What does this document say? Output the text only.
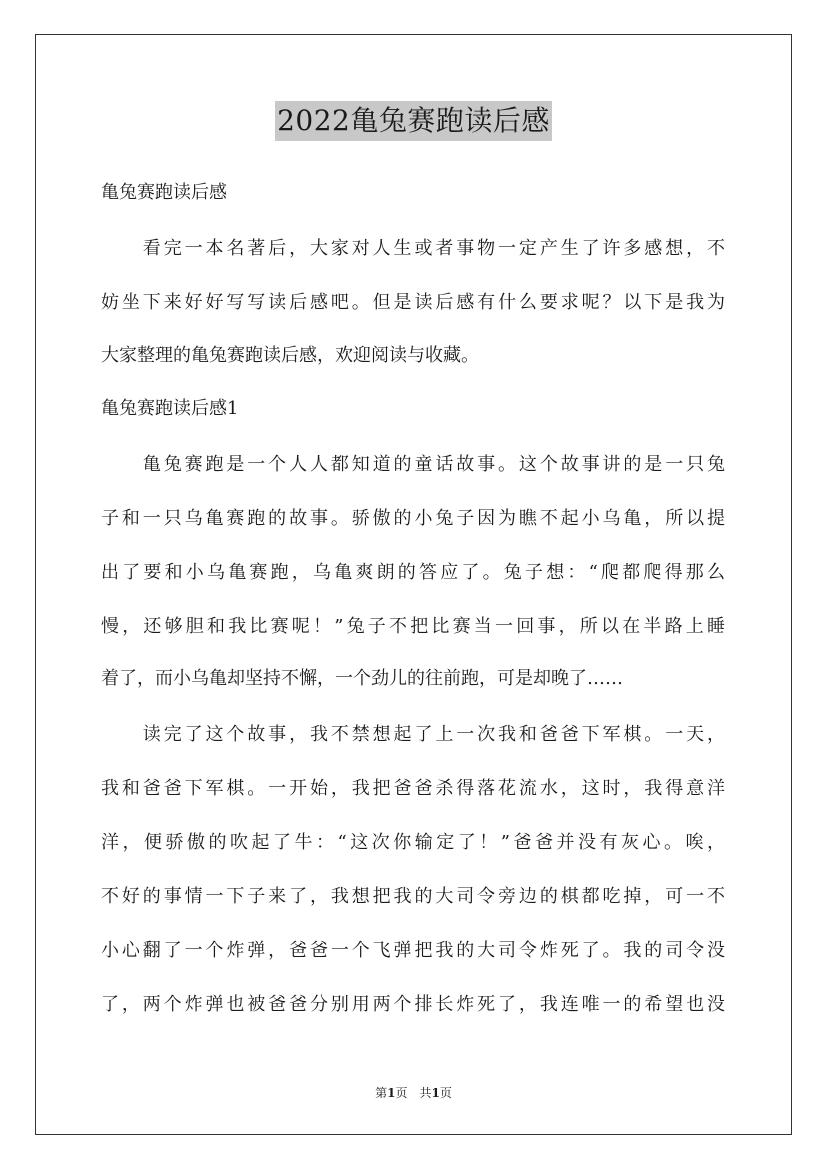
2022亀兔赛跑读后感
亀兔赛跑读后感
　　看完一本名著后，大家对人生或者事物一定产生了许多感想，不
妨坐下来好好写写读后感吧。但是读后感有什么要求呢？以下是我为
大家整理的亀兔赛跑读后感，欢迎阅读与收藏。
亀兔赛跑读后感1
　　亀兔赛跑是一个人人都知道的童话故事。这个故事讲的是一只兔
子和一只乌亀赛跑的故事。骄傲的小兔子因为瞧不起小乌亀，所以提
出了要和小乌亀赛跑，乌亀爽朗的答应了。兔子想：“爬都爬得那么
慢，还够胆和我比赛呢！”兔子不把比赛当一回事，所以在半路上睡
着了，而小乌亀却坚持不懈，一个劲儿的往前跑，可是却晚了……
　　读完了这个故事，我不禁想起了上一次我和爸爸下军棋。一天，
我和爸爸下军棋。一开始，我把爸爸杀得落花流水，这时，我得意洋
洋，便骄傲的吹起了牛：“这次你输定了！”爸爸并没有灰心。唉，
不好的事情一下子来了，我想把我的大司令旁边的棋都吃掉，可一不
小心翻了一个炸弹，爸爸一个飞弹把我的大司令炸死了。我的司令没
了，两个炸弹也被爸爸分别用两个排长炸死了，我连唯一的希望也没
第1页　共1页
